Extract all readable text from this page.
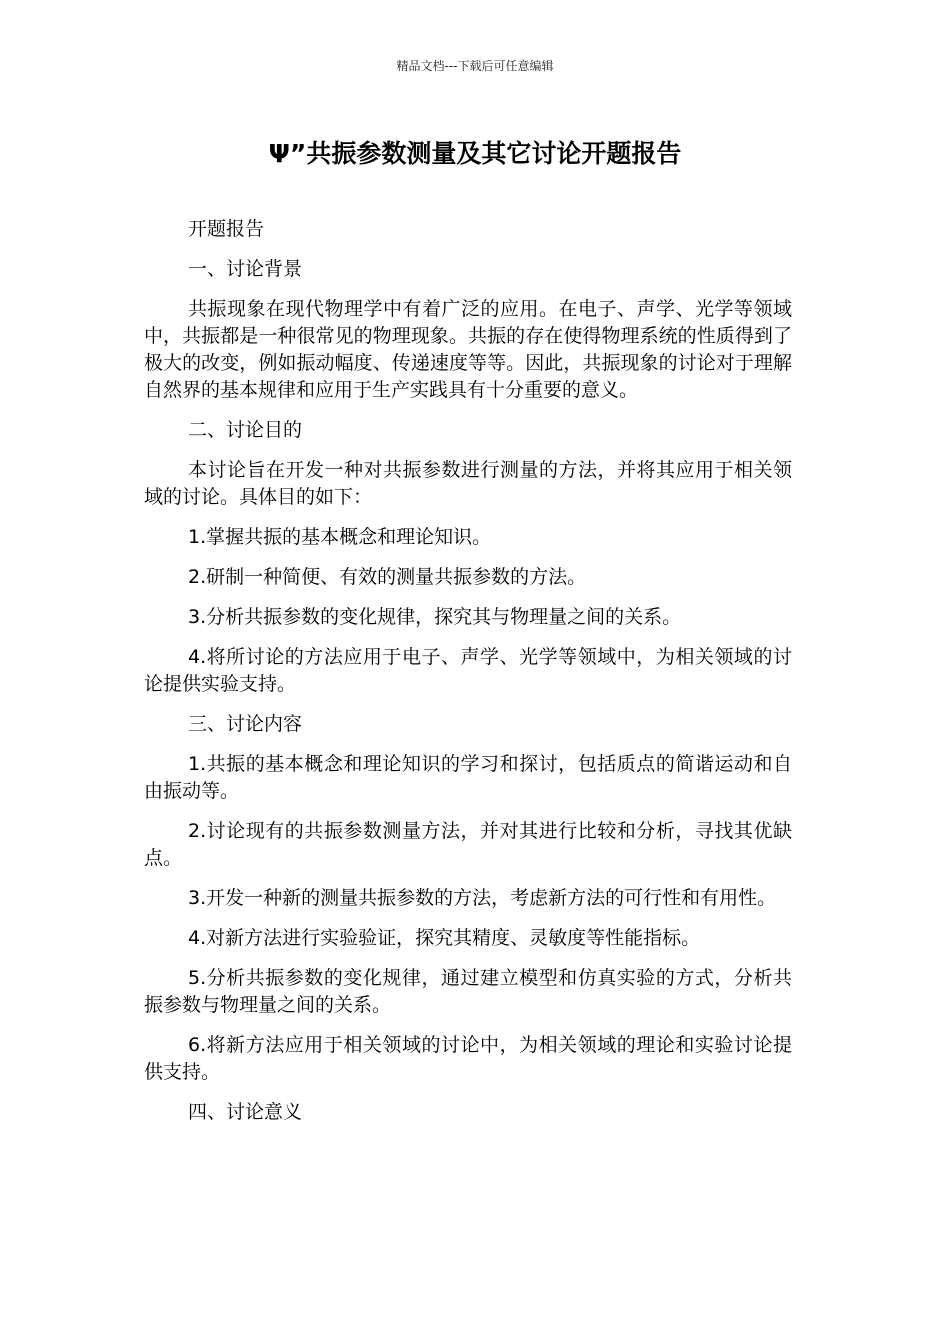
精品文档---下载后可任意编辑
Ψ”共振参数测量及其它讨论开题报告

开题报告

一、讨论背景

共振现象在现代物理学中有着广泛的应用。在电子、声学、光学等领域中，共振都是一种很常见的物理现象。共振的存在使得物理系统的性质得到了极大的改变，例如振动幅度、传递速度等等。因此，共振现象的讨论对于理解自然界的基本规律和应用于生产实践具有十分重要的意义。

二、讨论目的

本讨论旨在开发一种对共振参数进行测量的方法，并将其应用于相关领域的讨论。具体目的如下：

1.掌握共振的基本概念和理论知识。

2.研制一种简便、有效的测量共振参数的方法。

3.分析共振参数的变化规律，探究其与物理量之间的关系。

4.将所讨论的方法应用于电子、声学、光学等领域中，为相关领域的讨论提供实验支持。

三、讨论内容

1.共振的基本概念和理论知识的学习和探讨，包括质点的简谐运动和自由振动等。

2.讨论现有的共振参数测量方法，并对其进行比较和分析，寻找其优缺点。

3.开发一种新的测量共振参数的方法，考虑新方法的可行性和有用性。

4.对新方法进行实验验证，探究其精度、灵敏度等性能指标。

5.分析共振参数的变化规律，通过建立模型和仿真实验的方式，分析共振参数与物理量之间的关系。

6.将新方法应用于相关领域的讨论中，为相关领域的理论和实验讨论提供支持。

四、讨论意义
